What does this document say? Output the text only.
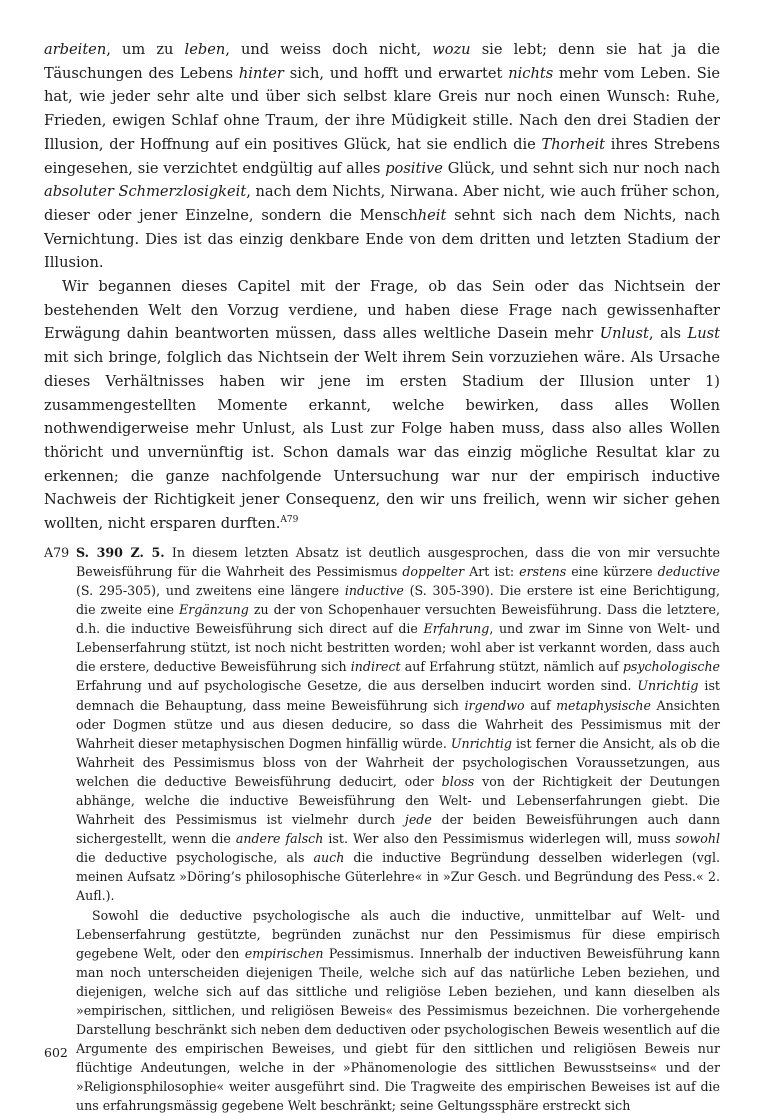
arbeiten, um zu leben, und weiss doch nicht, wozu sie lebt; denn sie hat ja die Täuschungen des Lebens hinter sich, und hofft und erwartet nichts mehr vom Leben. Sie hat, wie jeder sehr alte und über sich selbst klare Greis nur noch einen Wunsch: Ruhe, Frieden, ewigen Schlaf ohne Traum, der ihre Müdigkeit stille. Nach den drei Stadien der Illusion, der Hoffnung auf ein positives Glück, hat sie endlich die Thorheit ihres Strebens eingesehen, sie verzichtet endgültig auf alles positive Glück, und sehnt sich nur noch nach absoluter Schmerzlosigkeit, nach dem Nichts, Nirwana. Aber nicht, wie auch früher schon, dieser oder jener Einzelne, sondern die Menschheit sehnt sich nach dem Nichts, nach Vernichtung. Dies ist das einzig denkbare Ende von dem dritten und letzten Stadium der Illusion.

Wir begannen dieses Capitel mit der Frage, ob das Sein oder das Nichtsein der bestehenden Welt den Vorzug verdiene, und haben diese Frage nach gewissenhafter Erwägung dahin beantworten müssen, dass alles weltliche Dasein mehr Unlust, als Lust mit sich bringe, folglich das Nichtsein der Welt ihrem Sein vorzuziehen wäre. Als Ursache dieses Verhältnisses haben wir jene im ersten Stadium der Illusion unter 1) zusammengestellten Momente erkannt, welche bewirken, dass alles Wollen nothwendigerweise mehr Unlust, als Lust zur Folge haben muss, dass also alles Wollen thöricht und unvernünftig ist. Schon damals war das einzig mögliche Resultat klar zu erkennen; die ganze nachfolgende Untersuchung war nur der empirisch inductive Nachweis der Richtigkeit jener Consequenz, den wir uns freilich, wenn wir sicher gehen wollten, nicht ersparen durften.$^{A79}$

A79 S. 390 Z. 5. In diesem letzten Absatz ist deutlich ausgesprochen, dass die von mir versuchte Beweisführung für die Wahrheit des Pessimismus doppelter Art ist: erstens eine kürzere deductive (S. 295-305), und zweitens eine längere inductive (S. 305-390). Die erstere ist eine Berichtigung, die zweite eine Ergänzung zu der von Schopenhauer versuchten Beweisführung. Dass die letztere, d.h. die inductive Beweisführung sich direct auf die Erfahrung, und zwar im Sinne von Welt- und Lebenserfahrung stützt, ist noch nicht bestritten worden; wohl aber ist verkannt worden, dass auch die erstere, deductive Beweisführung sich indirect auf Erfahrung stützt, nämlich auf psychologische Erfahrung und auf psychologische Gesetze, die aus derselben inducirt worden sind. Unrichtig ist demnach die Behauptung, dass meine Beweisführung sich irgendwo auf metaphysische Ansichten oder Dogmen stütze und aus diesen deducire, so dass die Wahrheit des Pessimismus mit der Wahrheit dieser metaphysischen Dogmen hinfällig würde. Unrichtig ist ferner die Ansicht, als ob die Wahrheit des Pessimismus bloss von der Wahrheit der psychologischen Voraussetzungen, aus welchen die deductive Beweisführung deducirt, oder bloss von der Richtigkeit der Deutungen abhänge, welche die inductive Beweisführung den Welt- und Lebenserfahrungen giebt. Die Wahrheit des Pessimismus ist vielmehr durch jede der beiden Beweisführungen auch dann sichergestellt, wenn die andere falsch ist. Wer also den Pessimismus widerlegen will, muss sowohl die deductive psychologische, als auch die inductive Begründung desselben widerlegen (vgl. meinen Aufsatz »Döring’s philosophische Güterlehre« in »Zur Gesch. und Begründung des Pess.« 2. Aufl.).

Sowohl die deductive psychologische als auch die inductive, unmittelbar auf Welt- und Lebenserfahrung gestützte, begründen zunächst nur den Pessimismus für diese empirisch gegebene Welt, oder den empirischen Pessimismus. Innerhalb der inductiven Beweisführung kann man noch unterscheiden diejenigen Theile, welche sich auf das natürliche Leben beziehen, und diejenigen, welche sich auf das sittliche und religiöse Leben beziehen, und kann dieselben als »empirischen, sittlichen, und religiösen Beweis« des Pessimismus bezeichnen. Die vorhergehende Darstellung beschränkt sich neben dem deductiven oder psychologischen Beweis wesentlich auf die Argumente des empirischen Beweises, und giebt für den sittlichen und religiösen Beweis nur flüchtige Andeutungen, welche in der »Phänomenologie des sittlichen Bewusstseins« und der »Religionsphilosophie« weiter ausgeführt sind. Die Tragweite des empirischen Beweises ist auf die uns erfahrungsmässig gegebene Welt beschränkt; seine Geltungssphäre erstreckt sich

602
